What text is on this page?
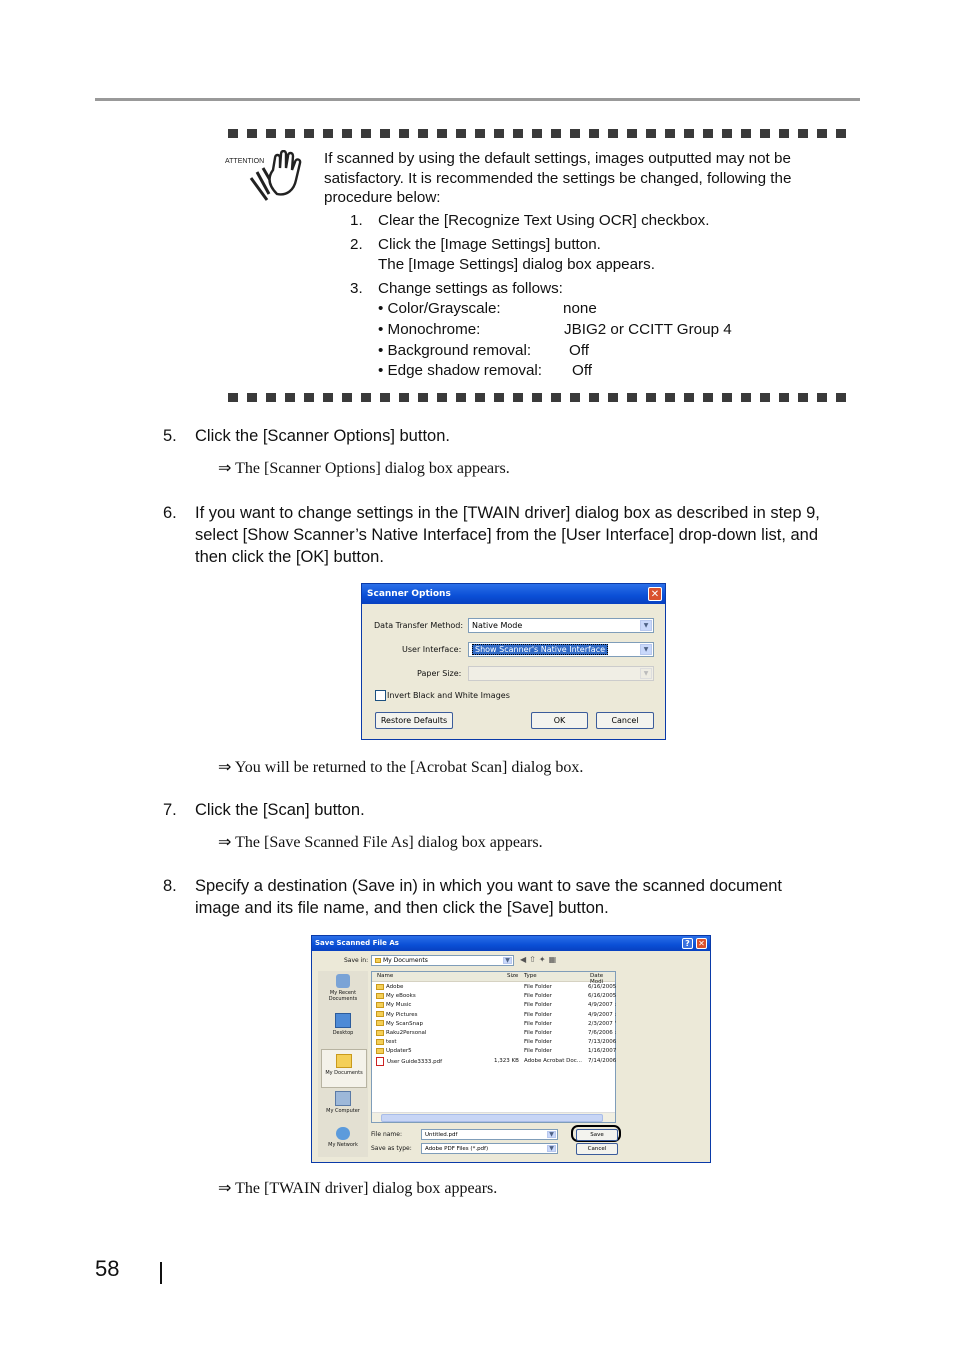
ATTENTION	If scanned by using the default settings, images outputted may not be satisfactory. It is recommended the settings be changed, following the procedure below:
1. Clear the [Recognize Text Using OCR] checkbox.
2. Click the [Image Settings] button.
The [Image Settings] dialog box appears.
3. Change settings as follows:
• Color/Grayscale:	none
• Monochrome:	JBIG2 or CCITT Group 4
• Background removal: Off
• Edge shadow removal: Off
5. Click the [Scanner Options] button.
⇒ The [Scanner Options] dialog box appears.
6. If you want to change settings in the [TWAIN driver] dialog box as described in step 9,
select [Show Scanner’s Native Interface] from the [User Interface] drop-down list, and
then click the [OK] button.
Scanner Options	✕
Data Transfer Method: Native Mode	▼
User Interface:	Show Scanner's Native Interface	▼
Paper Size:	▼
Invert Black and White Images
Restore Defaults	OK	Cancel
⇒ You will be returned to the [Acrobat Scan] dialog box.
7. Click the [Scan] button.
⇒ The [Save Scanned File As] dialog box appears.
8. Specify a destination (Save in) in which you want to save the scanned document
image and its file name, and then click the [Save] button.
Save Scanned File As	?	✕
Save in: My Documents	▼ ◀⇧✦▦
My Recent Documents
Desktop
My Documents
My Computer
My Network
Name	Size Type	Date Modi
Adobe	File Folder	6/16/2005
My eBooks	File Folder	6/16/2005
My Music	File Folder	4/9/2007 :
My Pictures	File Folder	4/9/2007 :
My ScanSnap	File Folder	2/3/2007 '
Raku2Personal	File Folder	7/6/2006 :
test	File Folder	7/13/2006
Updater5	File Folder	1/16/2007
User Guide3333.pdf	1,323 KB Adobe Acrobat Doc... 7/14/2006
File name:	Untitled.pdf	▼
Save as type: Adobe PDF Files (*.pdf)	▼
Save
Cancel
⇒ The [TWAIN driver] dialog box appears.
58
